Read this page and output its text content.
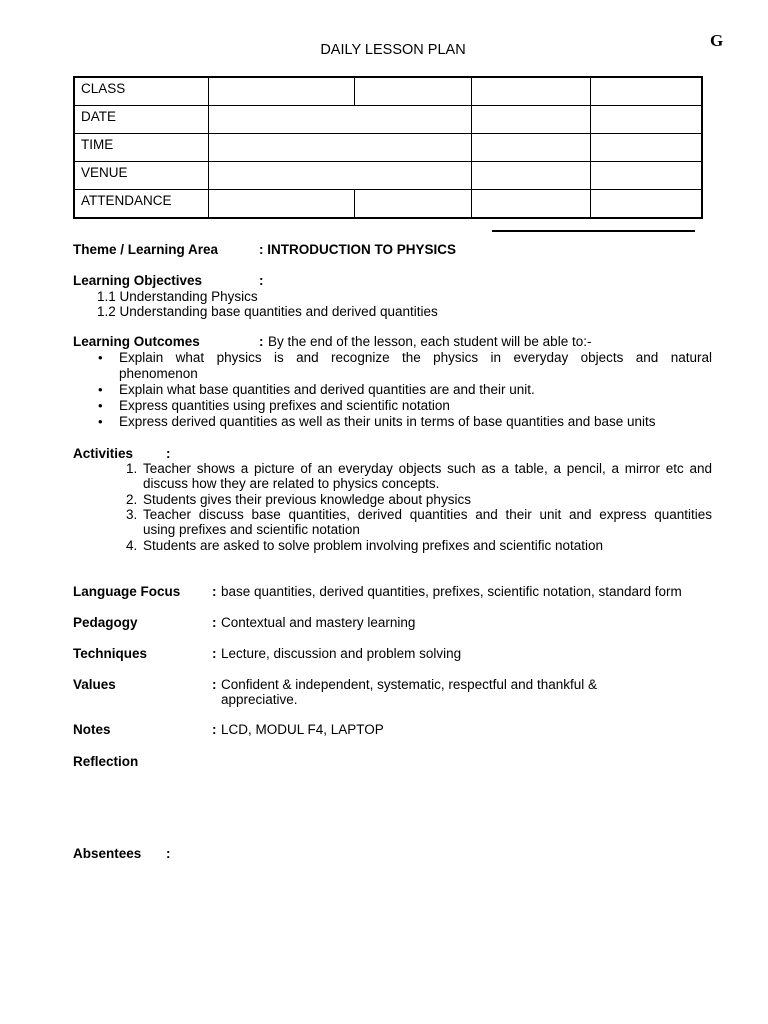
G
DAILY LESSON PLAN
CLASS				
DATE				
TIME				
VENUE				
ATTENDANCE				
Theme / Learning Area	: INTRODUCTION TO PHYSICS
Learning Objectives	:
1.1 Understanding Physics
1.2 Understanding base quantities and derived quantities
Learning Outcomes	: By the end of the lesson, each student will be able to:-
• Explain what physics is and recognize the physics in everyday objects and natural
phenomenon
• Explain what base quantities and derived quantities are and their unit.
• Express quantities using prefixes and scientific notation
• Express derived quantities as well as their units in terms of base quantities and base units
Activities :
1. Teacher shows a picture of an everyday objects such as a table, a pencil, a mirror etc and
discuss how they are related to physics concepts.
2. Students gives their previous knowledge about physics
3. Teacher discuss base quantities, derived quantities and their unit and express quantities
using prefixes and scientific notation
4. Students are asked to solve problem involving prefixes and scientific notation
Language Focus : base quantities, derived quantities, prefixes, scientific notation, standard form
Pedagogy	: Contextual and mastery learning
Techniques	: Lecture, discussion and problem solving
Values	: Confident & independent, systematic, respectful and thankful &
appreciative.
Notes	: LCD, MODUL F4, LAPTOP
Reflection
Absentees :
